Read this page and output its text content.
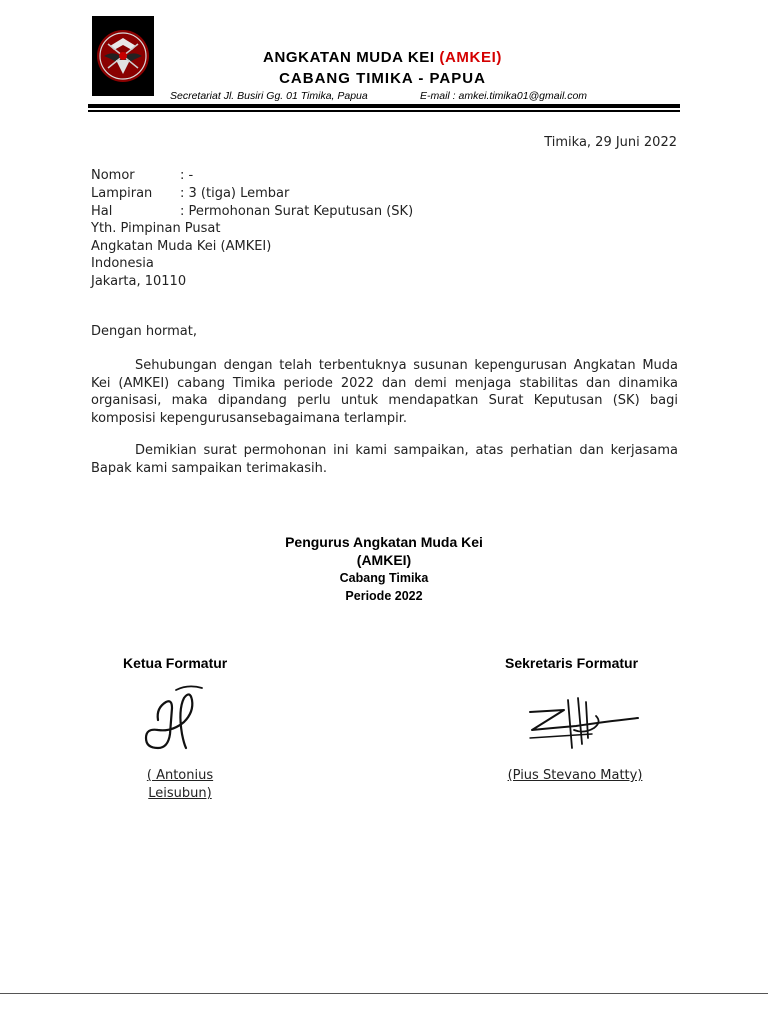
ANGKATAN MUDA KEI (AMKEI)
CABANG TIMIKA - PAPUA
Secretariat Jl. Busiri Gg. 01 Timika, Papua	E-mail : amkei.timika01@gmail.com
Timika, 29 Juni 2022
Nomor	: -
Lampiran : 3 (tiga) Lembar
Hal	: Permohonan Surat Keputusan (SK)
Yth. Pimpinan Pusat
Angkatan Muda Kei (AMKEI)
Indonesia
Jakarta, 10110
Dengan hormat,

Sehubungan dengan telah terbentuknya susunan kepengurusan Angkatan Muda Kei (AMKEI) cabang Timika periode 2022 dan demi menjaga stabilitas dan dinamika organisasi, maka dipandang perlu untuk mendapatkan Surat Keputusan (SK) bagi komposisi kepengurusansebagaimana terlampir.

Demikian surat permohonan ini kami sampaikan, atas perhatian dan kerjasama Bapak kami sampaikan terimakasih.

Pengurus Angkatan Muda Kei
(AMKEI)
Cabang Timika
Periode 2022
Ketua Formatur	Sekretaris Formatur
( Antonius
Leisubun)
(Pius Stevano Matty)
